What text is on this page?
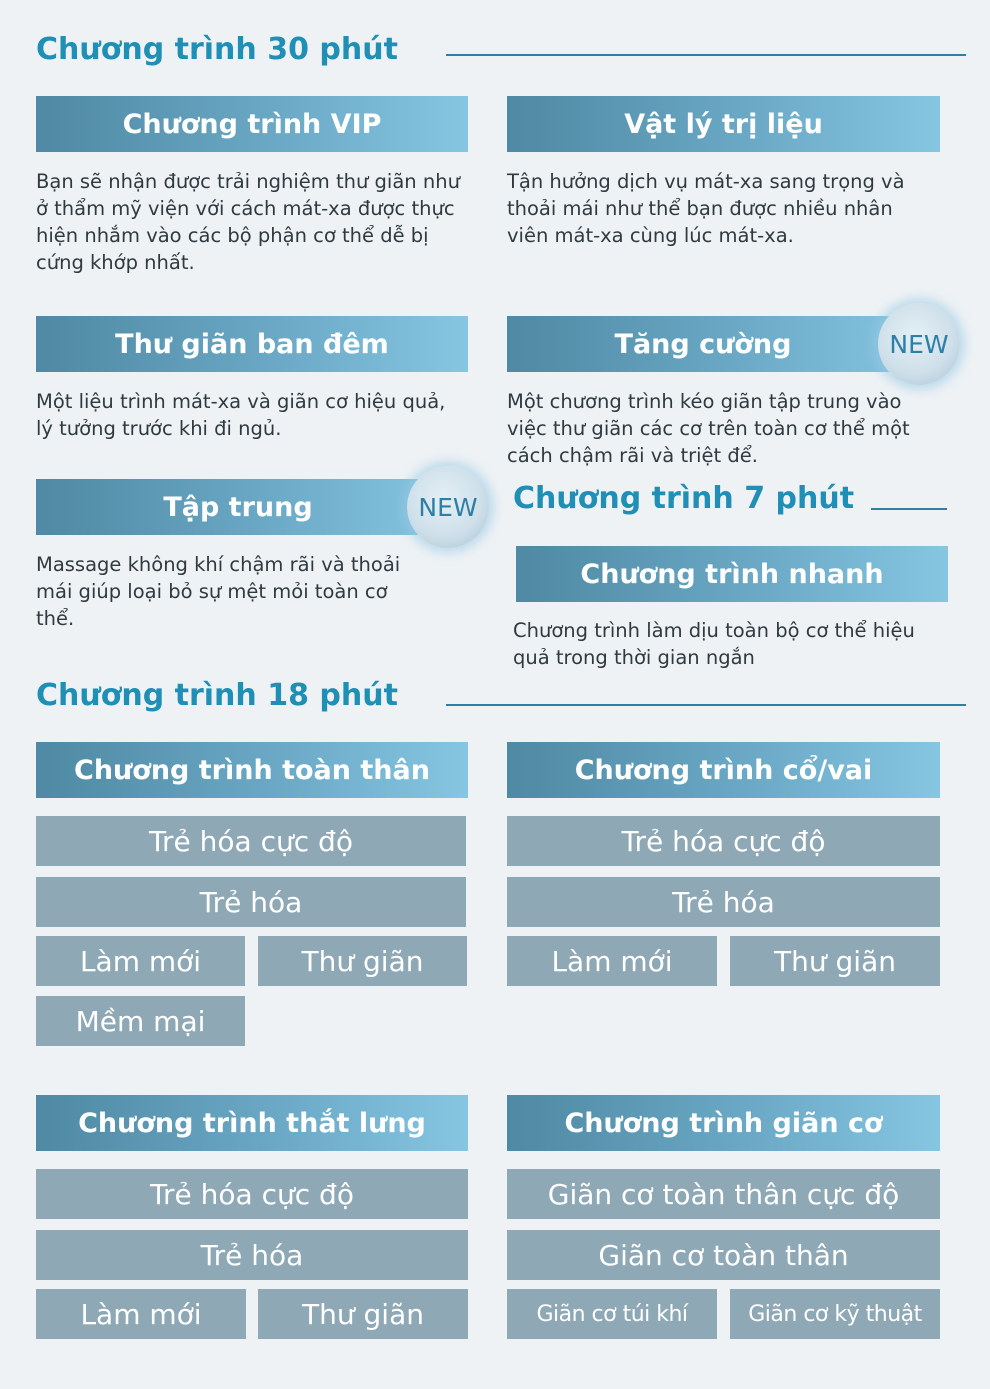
Chương trình 30 phút
Chương trình VIP
Bạn sẽ nhận được trải nghiệm thư giãn như ở thẩm mỹ viện với cách mát-xa được thực hiện nhắm vào các bộ phận cơ thể dễ bị cứng khớp nhất.
Vật lý trị liệu
Tận hưởng dịch vụ mát-xa sang trọng và thoải mái như thể bạn được nhiều nhân viên mát-xa cùng lúc mát-xa.
Thư giãn ban đêm
Một liệu trình mát-xa và giãn cơ hiệu quả, lý tưởng trước khi đi ngủ.
Tăng cường	NEW
Một chương trình kéo giãn tập trung vào việc thư giãn các cơ trên toàn cơ thể một cách chậm rãi và triệt để.
Tập trung	NEW
Massage không khí chậm rãi và thoải mái giúp loại bỏ sự mệt mỏi toàn cơ thể.
Chương trình 7 phút
Chương trình nhanh
Chương trình làm dịu toàn bộ cơ thể hiệu quả trong thời gian ngắn
Chương trình 18 phút
Chương trình toàn thân
Trẻ hóa cực độ
Trẻ hóa
Làm mới	Thư giãn
Mềm mại
Chương trình cổ/vai
Trẻ hóa cực độ
Trẻ hóa
Làm mới	Thư giãn
Chương trình thắt lưng
Trẻ hóa cực độ
Trẻ hóa
Làm mới	Thư giãn
Chương trình giãn cơ
Giãn cơ toàn thân cực độ
Giãn cơ toàn thân
Giãn cơ túi khí	Giãn cơ kỹ thuật
